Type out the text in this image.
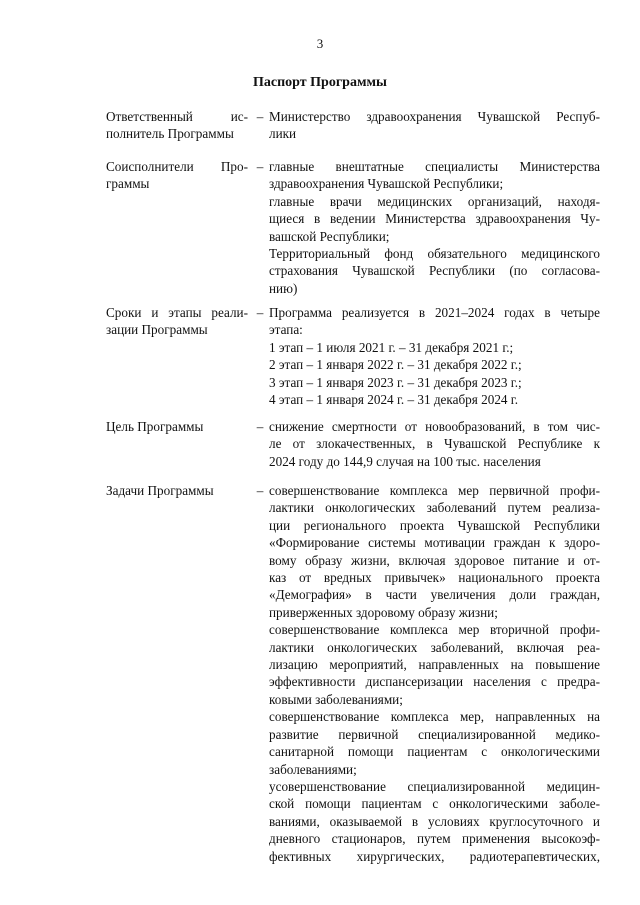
3
Паспорт Программы
Ответственный ис-
полнитель Программы
– Министерство здравоохранения Чувашской Респуб-
лики
Соисполнители Про-
граммы
– главные внештатные специалисты Министерства
здравоохранения Чувашской Республики;
главные врачи медицинских организаций, находя-
щиеся в ведении Министерства здравоохранения Чу-
вашской Республики;
Территориальный фонд обязательного медицинского
страхования Чувашской Республики (по согласова-
нию)
Сроки и этапы реали-
зации Программы
– Программа реализуется в 2021–2024 годах в четыре
этапа:
1 этап – 1 июля 2021 г. – 31 декабря 2021 г.;
2 этап – 1 января 2022 г. – 31 декабря 2022 г.;
3 этап – 1 января 2023 г. – 31 декабря 2023 г.;
4 этап – 1 января 2024 г. – 31 декабря 2024 г.
Цель Программы	– снижение смертности от новообразований, в том чис-
ле от злокачественных, в Чувашской Республике к
2024 году до 144,9 случая на 100 тыс. населения
Задачи Программы	– совершенствование комплекса мер первичной профи-
лактики онкологических заболеваний путем реализа-
ции регионального проекта Чувашской Республики
«Формирование системы мотивации граждан к здоро-
вому образу жизни, включая здоровое питание и от-
каз от вредных привычек» национального проекта
«Демография» в части увеличения доли граждан,
приверженных здоровому образу жизни;
совершенствование комплекса мер вторичной профи-
лактики онкологических заболеваний, включая реа-
лизацию мероприятий, направленных на повышение
эффективности диспансеризации населения с предра-
ковыми заболеваниями;
совершенствование комплекса мер, направленных на
развитие первичной специализированной медико-
санитарной помощи пациентам с онкологическими
заболеваниями;
усовершенствование специализированной медицин-
ской помощи пациентам с онкологическими заболе-
ваниями, оказываемой в условиях круглосуточного и
дневного стационаров, путем применения высокоэф-
фективных хирургических, радиотерапевтических,
